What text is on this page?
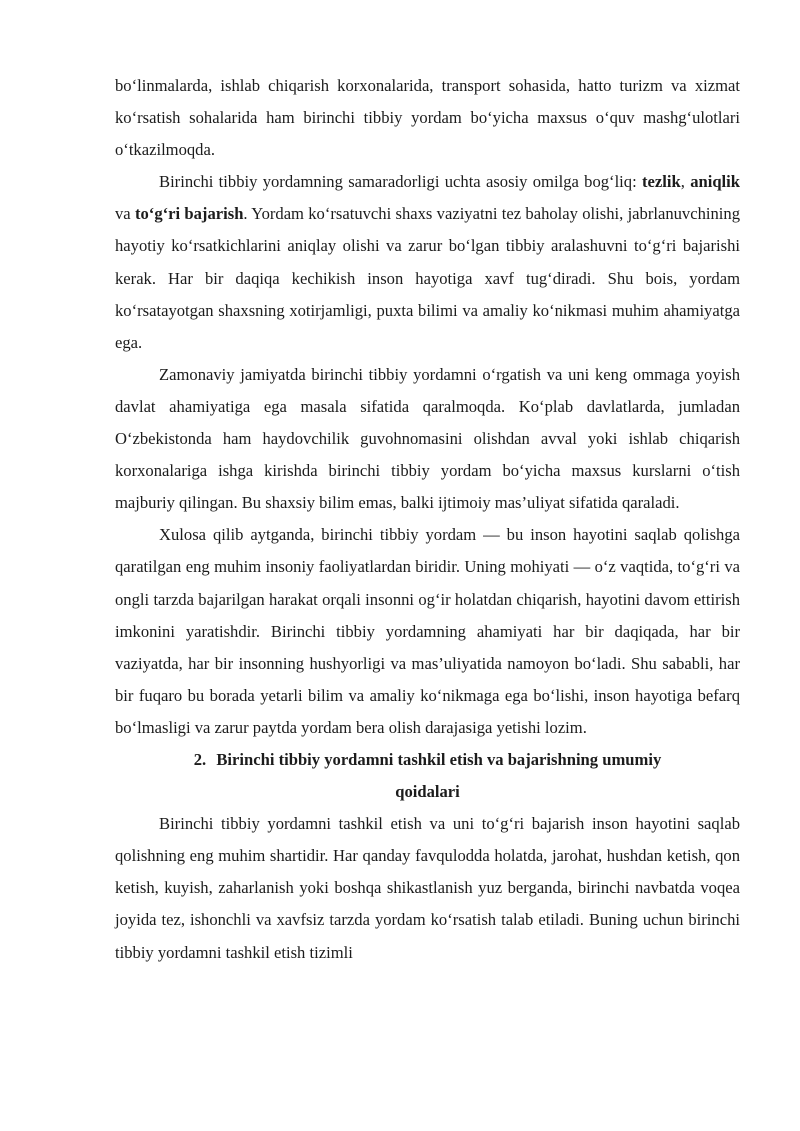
bo‘linmalarda, ishlab chiqarish korxonalarida, transport sohasida, hatto turizm va xizmat ko‘rsatish sohalarida ham birinchi tibbiy yordam bo‘yicha maxsus o‘quv mashg‘ulotlari o‘tkazilmoqda.

Birinchi tibbiy yordamning samaradorligi uchta asosiy omilga bog‘liq: tezlik, aniqlik va to‘g‘ri bajarish. Yordam ko‘rsatuvchi shaxs vaziyatni tez baholay olishi, jabrlanuvchining hayotiy ko‘rsatkichlarini aniqlay olishi va zarur bo‘lgan tibbiy aralashuvni to‘g‘ri bajarishi kerak. Har bir daqiqa kechikish inson hayotiga xavf tug‘diradi. Shu bois, yordam ko‘rsatayotgan shaxsning xotirjamligi, puxta bilimi va amaliy ko‘nikmasi muhim ahamiyatga ega.

Zamonaviy jamiyatda birinchi tibbiy yordamni o‘rgatish va uni keng ommaga yoyish davlat ahamiyatiga ega masala sifatida qaralmoqda. Ko‘plab davlatlarda, jumladan O‘zbekistonda ham haydovchilik guvohnomasini olishdan avval yoki ishlab chiqarish korxonalariga ishga kirishda birinchi tibbiy yordam bo‘yicha maxsus kurslarni o‘tish majburiy qilingan. Bu shaxsiy bilim emas, balki ijtimoiy mas’uliyat sifatida qaraladi.

Xulosa qilib aytganda, birinchi tibbiy yordam — bu inson hayotini saqlab qolishga qaratilgan eng muhim insoniy faoliyatlardan biridir. Uning mohiyati — o‘z vaqtida, to‘g‘ri va ongli tarzda bajarilgan harakat orqali insonni og‘ir holatdan chiqarish, hayotini davom ettirish imkonini yaratishdir. Birinchi tibbiy yordamning ahamiyati har bir daqiqada, har bir vaziyatda, har bir insonning hushyorligi va mas’uliyatida namoyon bo‘ladi. Shu sababli, har bir fuqaro bu borada yetarli bilim va amaliy ko‘nikmaga ega bo‘lishi, inson hayotiga befarq bo‘lmasligi va zarur paytda yordam bera olish darajasiga yetishi lozim.

2. Birinchi tibbiy yordamni tashkil etish va bajarishning umumiy
qoidalari

Birinchi tibbiy yordamni tashkil etish va uni to‘g‘ri bajarish inson hayotini saqlab qolishning eng muhim shartidir. Har qanday favqulodda holatda, jarohat, hushdan ketish, qon ketish, kuyish, zaharlanish yoki boshqa shikastlanish yuz berganda, birinchi navbatda voqea joyida tez, ishonchli va xavfsiz tarzda yordam ko‘rsatish talab etiladi. Buning uchun birinchi tibbiy yordamni tashkil etish tizimli
